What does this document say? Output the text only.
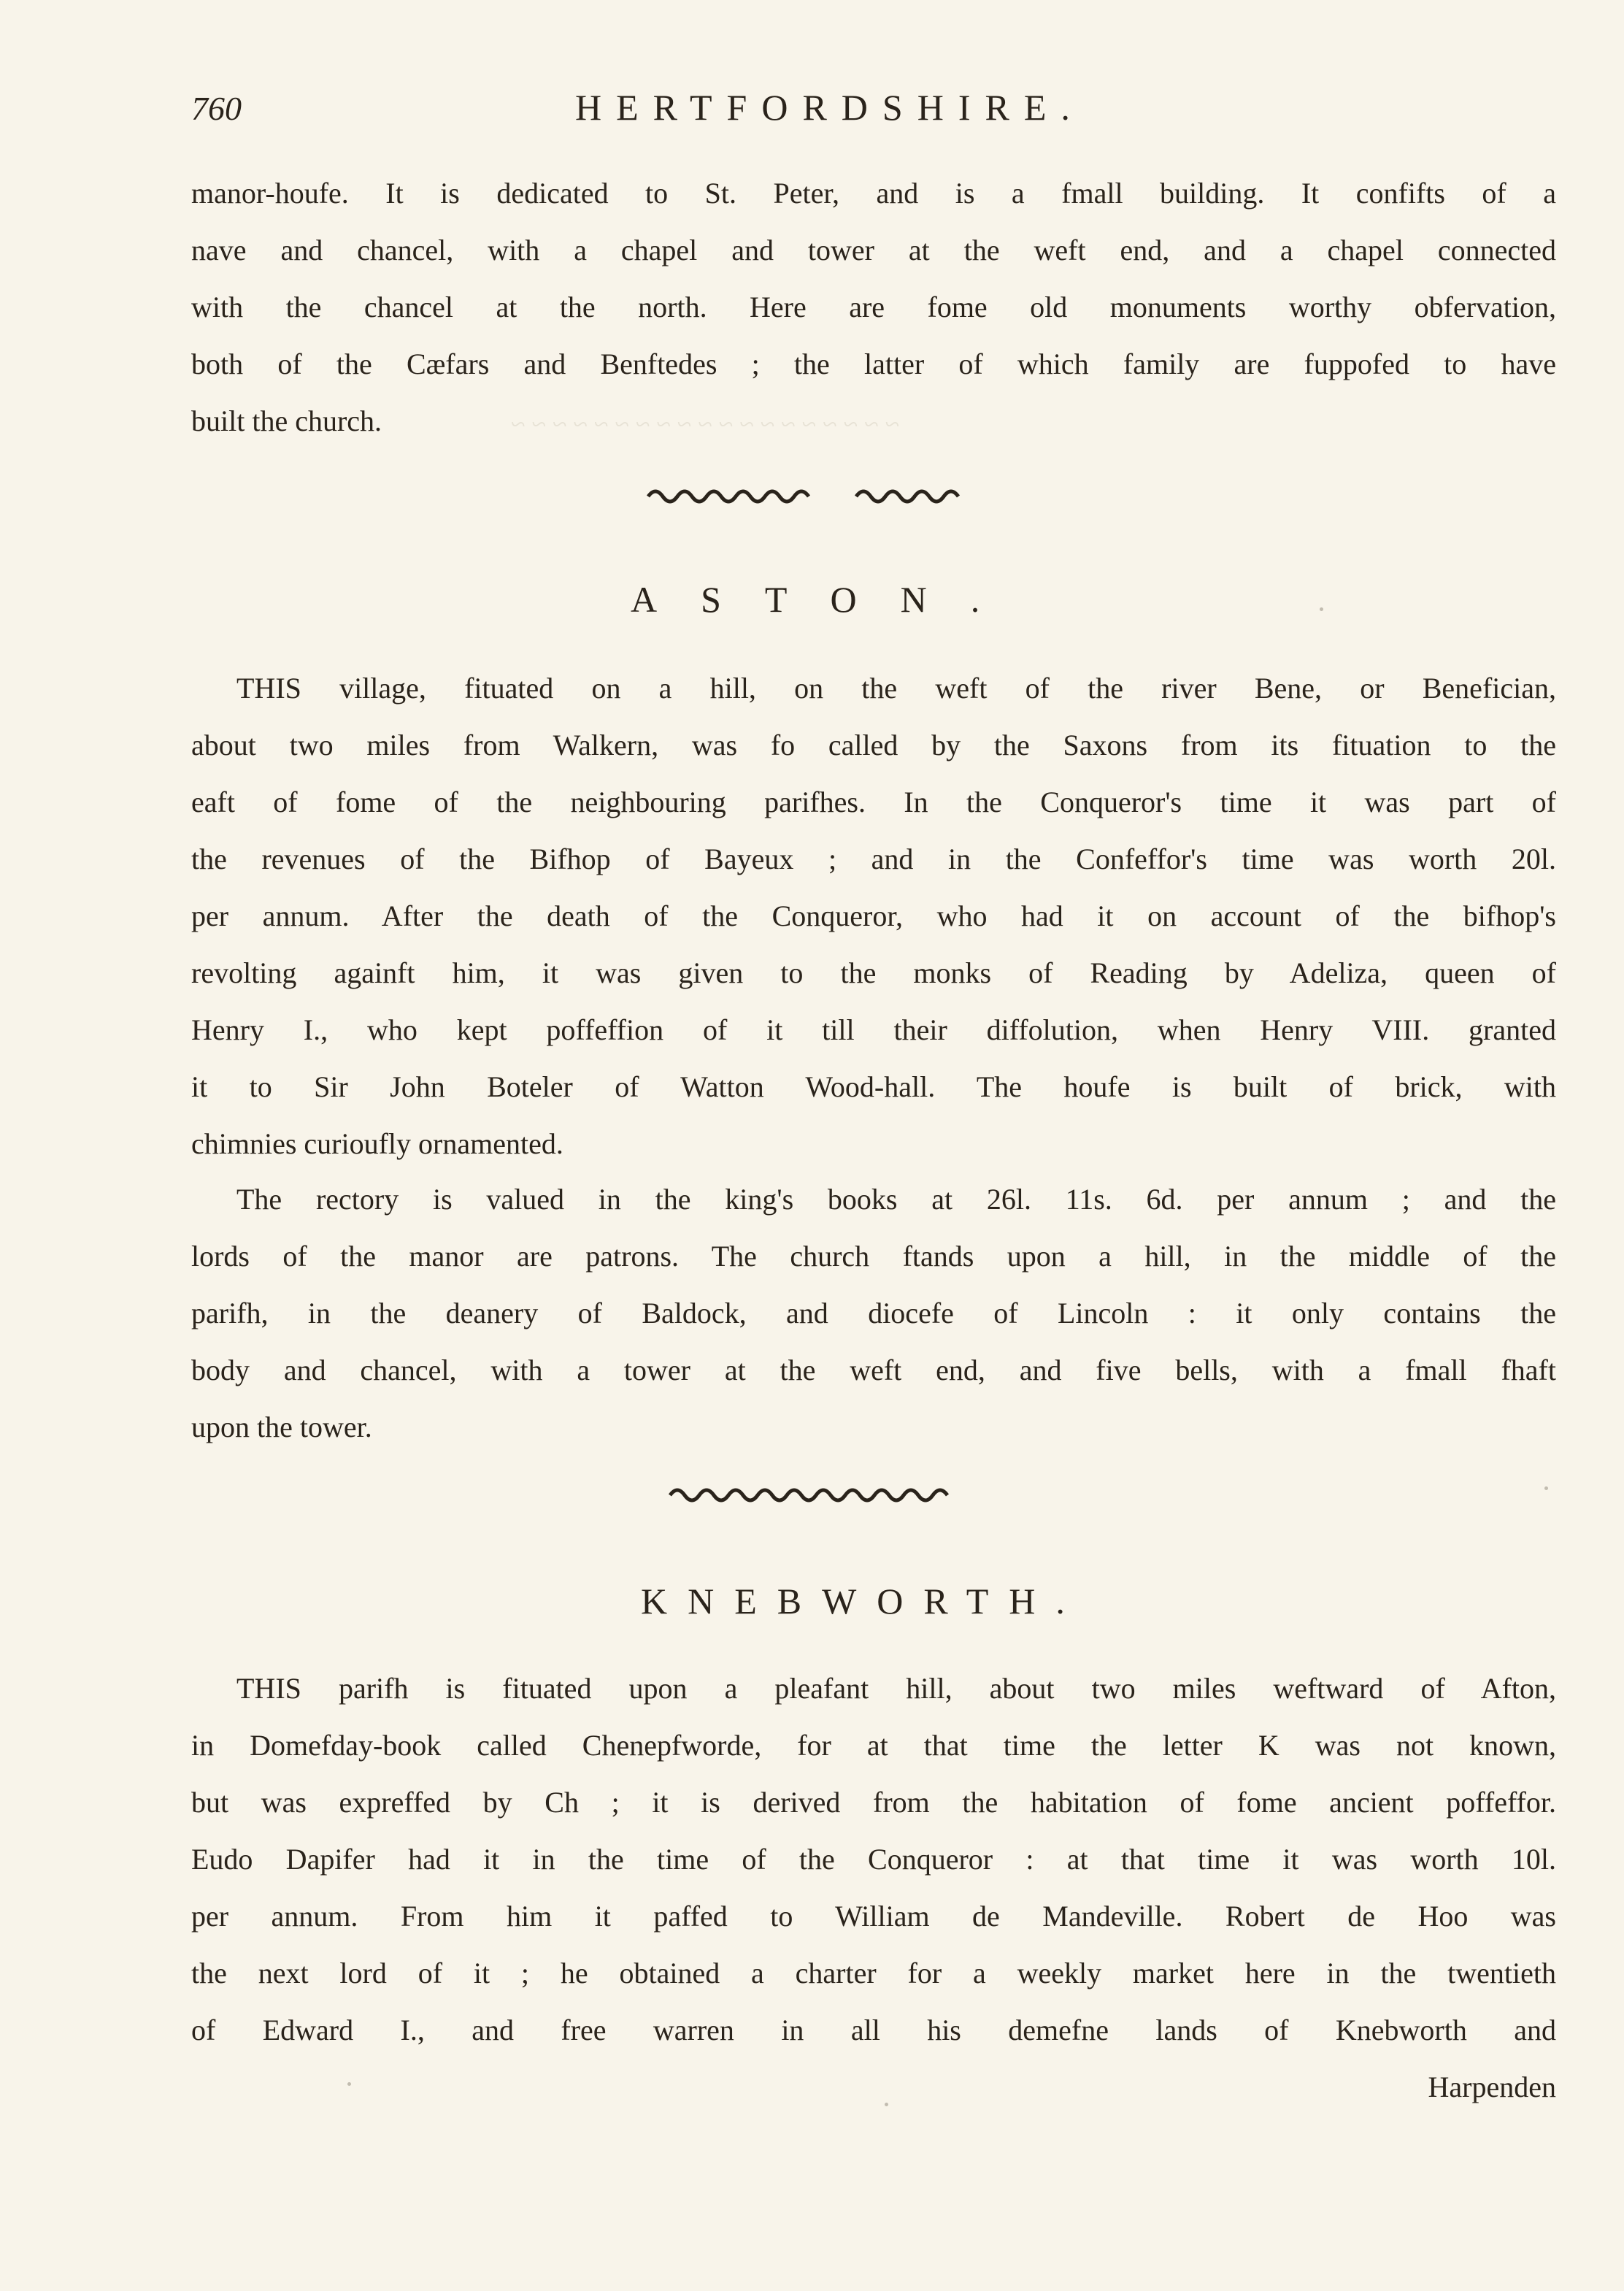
760	HERTFORDSHIRE.
~ ~ ~ ~ ~ ~ ~ ~ ~ ~ ~ ~ ~ ~ ~ ~ ~ ~ ~
manor-houfe. It is dedicated to St. Peter, and is a fmall building. It confifts of a
nave and chancel, with a chapel and tower at the weft end, and a chapel connected
with the chancel at the north. Here are fome old monuments worthy obfervation,
both of the Cæfars and Benftedes ; the latter of which family are fuppofed to have
built the church.
ASTON.
THIS village, fituated on a hill, on the weft of the river Bene, or Benefician,
about two miles from Walkern, was fo called by the Saxons from its fituation to the
eaft of fome of the neighbouring parifhes. In the Conqueror's time it was part of
the revenues of the Bifhop of Bayeux ; and in the Confeffor's time was worth 20l.
per annum. After the death of the Conqueror, who had it on account of the bifhop's
revolting againft him, it was given to the monks of Reading by Adeliza, queen of
Henry I., who kept poffeffion of it till their diffolution, when Henry VIII. granted
it to Sir John Boteler of Watton Wood-hall. The houfe is built of brick, with
chimnies curioufly ornamented.
The rectory is valued in the king's books at 26l. 11s. 6d. per annum ; and the
lords of the manor are patrons. The church ftands upon a hill, in the middle of the
parifh, in the deanery of Baldock, and diocefe of Lincoln : it only contains the
body and chancel, with a tower at the weft end, and five bells, with a fmall fhaft
upon the tower.
KNEBWORTH.
THIS parifh is fituated upon a pleafant hill, about two miles weftward of Afton,
in Domefday-book called Chenepfworde, for at that time the letter K was not known,
but was expreffed by Ch ; it is derived from the habitation of fome ancient poffeffor.
Eudo Dapifer had it in the time of the Conqueror : at that time it was worth 10l.
per annum. From him it paffed to William de Mandeville. Robert de Hoo was
the next lord of it ; he obtained a charter for a weekly market here in the twentieth
of Edward I., and free warren in all his demefne lands of Knebworth and
Harpenden
